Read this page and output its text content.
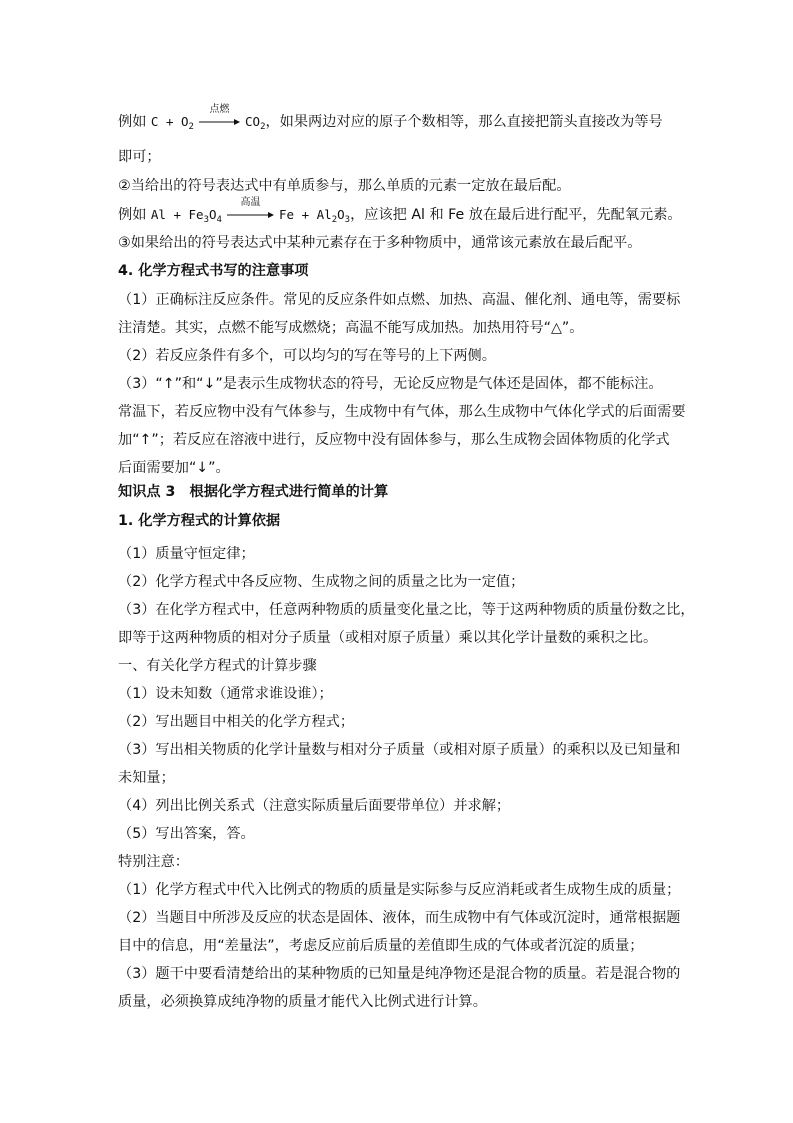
例如 $C + O_2$
点燃
$CO_2$，如果两边对应的原子个数相等，那么直接把箭头直接改为等号
即可；
②当给出的符号表达式中有单质参与，那么单质的元素一定放在最后配。
例如 $Al + Fe_3O_4$
高温
$Fe + Al_2O_3$，应该把 Al 和 Fe 放在最后进行配平，先配氧元素。
③如果给出的符号表达式中某种元素存在于多种物质中，通常该元素放在最后配平。
4. 化学方程式书写的注意事项
（1）正确标注反应条件。常见的反应条件如点燃、加热、高温、催化剂、通电等，需要标
注清楚。其实，点燃不能写成燃烧；高温不能写成加热。加热用符号“△”。
（2）若反应条件有多个，可以均匀的写在等号的上下两侧。
（3）“↑”和“↓”是表示生成物状态的符号，无论反应物是气体还是固体，都不能标注。
常温下，若反应物中没有气体参与，生成物中有气体，那么生成物中气体化学式的后面需要
加“↑”；若反应在溶液中进行，反应物中没有固体参与，那么生成物会固体物质的化学式
后面需要加“↓”。
知识点 3　根据化学方程式进行简单的计算
1. 化学方程式的计算依据
（1）质量守恒定律；
（2）化学方程式中各反应物、生成物之间的质量之比为一定值；
（3）在化学方程式中，任意两种物质的质量变化量之比，等于这两种物质的质量份数之比，
即等于这两种物质的相对分子质量（或相对原子质量）乘以其化学计量数的乘积之比。
一、有关化学方程式的计算步骤
（1）设未知数（通常求谁设谁）；
（2）写出题目中相关的化学方程式；
（3）写出相关物质的化学计量数与相对分子质量（或相对原子质量）的乘积以及已知量和
未知量；
（4）列出比例关系式（注意实际质量后面要带单位）并求解；
（5）写出答案，答。
特别注意：
（1）化学方程式中代入比例式的物质的质量是实际参与反应消耗或者生成物生成的质量；
（2）当题目中所涉及反应的状态是固体、液体，而生成物中有气体或沉淀时，通常根据题
目中的信息，用“差量法”，考虑反应前后质量的差值即生成的气体或者沉淀的质量；
（3）题干中要看清楚给出的某种物质的已知量是纯净物还是混合物的质量。若是混合物的
质量，必须换算成纯净物的质量才能代入比例式进行计算。
